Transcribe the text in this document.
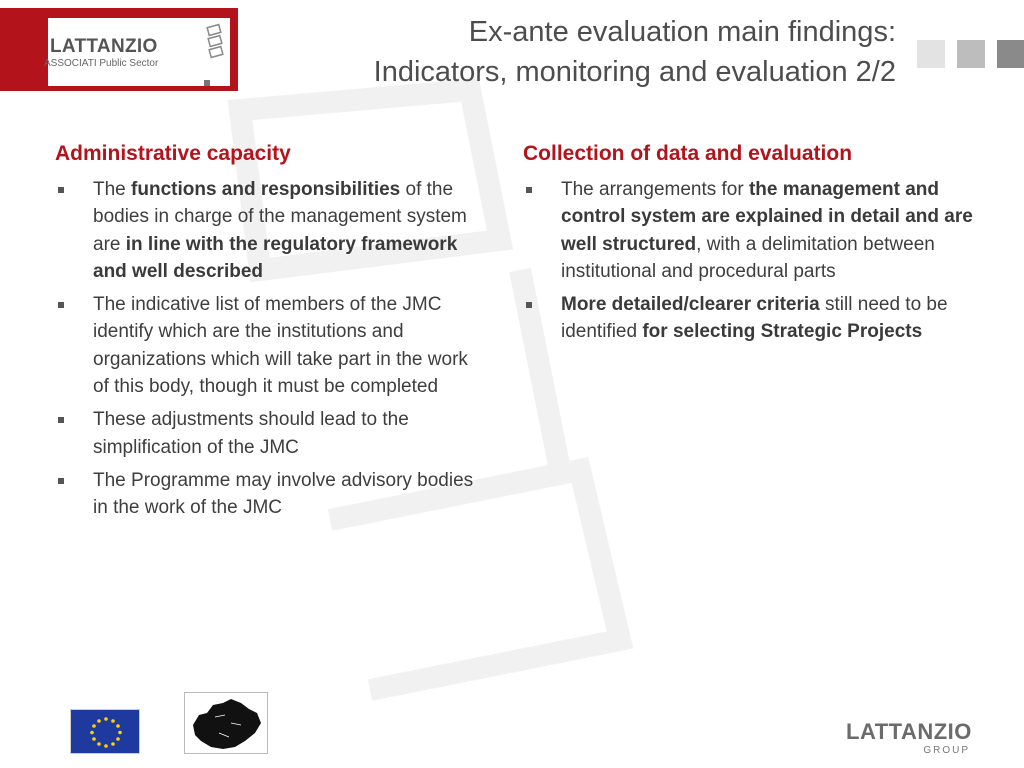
LATTANZIO
ASSOCIATI Public Sector
Ex-ante evaluation main findings:
Indicators, monitoring and evaluation 2/2
Administrative capacity
The functions and responsibilities of the bodies in charge of the management system are in line with the regulatory framework and well described
The indicative list of members of the JMC identify which are the institutions and organizations which will take part in the work of this body, though it must be completed
These adjustments should lead to the simplification of the JMC
The Programme may involve advisory bodies in the work of the JMC
Collection of data and evaluation
The arrangements for the management and control system are explained in detail and are well structured, with a delimitation between institutional and procedural parts
More detailed/clearer criteria still need to be identified for selecting Strategic Projects
LATTANZIO
GROUP
